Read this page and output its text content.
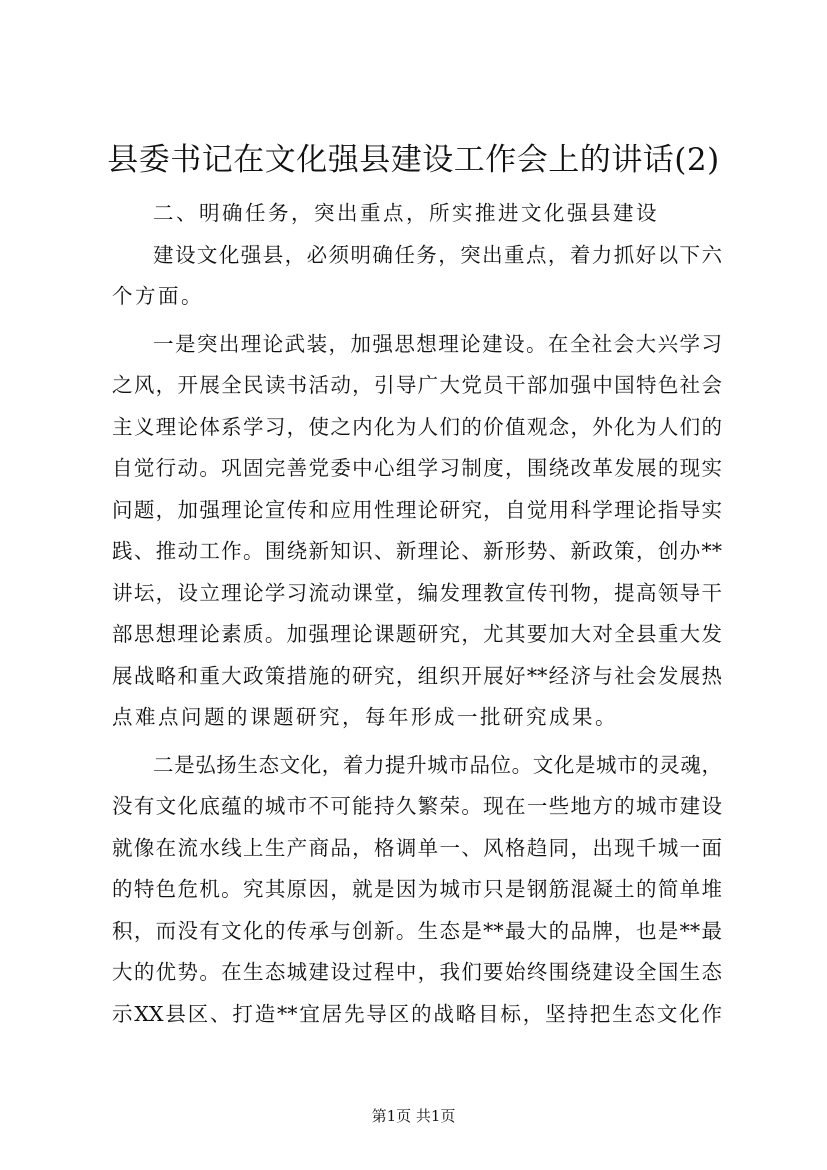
县委书记在文化强县建设工作会上的讲话(2)
二、明确任务，突出重点，所实推进文化强县建设
建设文化强县，必须明确任务，突出重点，着力抓好以下六
个方面。
一是突出理论武装，加强思想理论建设。在全社会大兴学习
之风，开展全民读书活动，引导广大党员干部加强中国特色社会
主义理论体系学习，使之内化为人们的价值观念，外化为人们的
自觉行动。巩固完善党委中心组学习制度，围绕改革发展的现实
问题，加强理论宣传和应用性理论研究，自觉用科学理论指导实
践、推动工作。围绕新知识、新理论、新形势、新政策，创办**
讲坛，设立理论学习流动课堂，编发理教宣传刊物，提高领导干
部思想理论素质。加强理论课题研究，尤其要加大对全县重大发
展战略和重大政策措施的研究，组织开展好**经济与社会发展热
点难点问题的课题研究，每年形成一批研究成果。
二是弘扬生态文化，着力提升城市品位。文化是城市的灵魂，
没有文化底蕴的城市不可能持久繁荣。现在一些地方的城市建设
就像在流水线上生产商品，格调单一、风格趋同，出现千城一面
的特色危机。究其原因，就是因为城市只是钢筋混凝土的简单堆
积，而没有文化的传承与创新。生态是**最大的品牌，也是**最
大的优势。在生态城建设过程中，我们要始终围绕建设全国生态
示XX县区、打造**宜居先导区的战略目标，坚持把生态文化作
第1页 共1页
